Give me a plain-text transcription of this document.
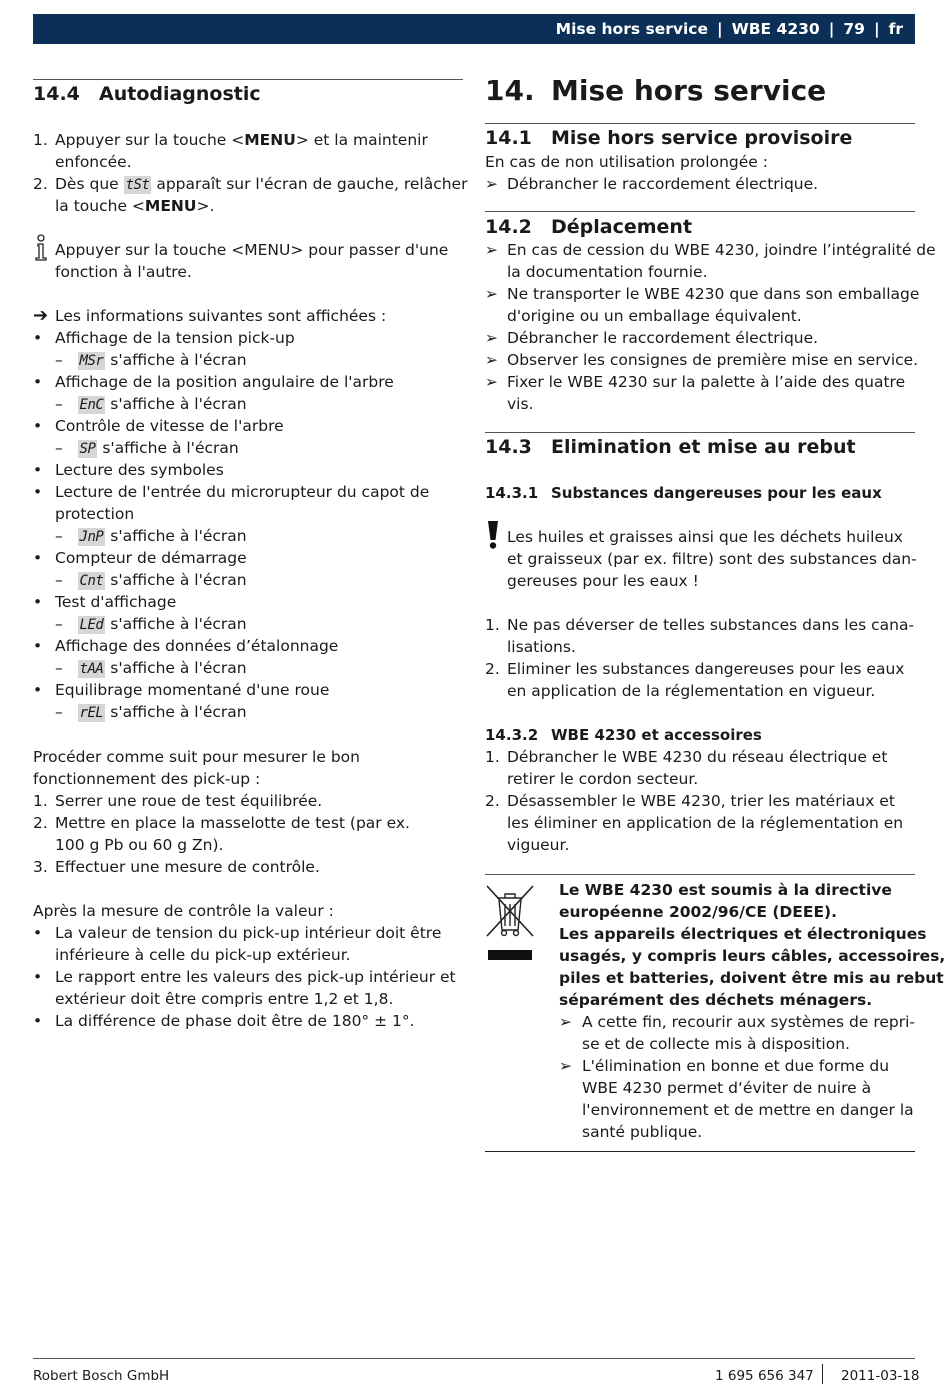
Mise hors service | WBE 4230 | 79 | fr
14.4	Autodiagnostic
1. Appuyer sur la touche <MENU> et la maintenir
enfoncée.
2. Dès que tSt apparaît sur l'écran de gauche, relâcher
la touche <MENU>.
Appuyer sur la touche <MENU> pour passer d'une
fonction à l'autre.
➔ Les informations suivantes sont affichées :
• Affichage de la tension pick-up
– MSr s'affiche à l'écran
• Affichage de la position angulaire de l'arbre
– EnC s'affiche à l'écran
• Contrôle de vitesse de l'arbre
– SP s'affiche à l'écran
• Lecture des symboles
• Lecture de l'entrée du microrupteur du capot de
protection
– JnP s'affiche à l'écran
• Compteur de démarrage
– Cnt s'affiche à l'écran
• Test d'affichage
– LEd s'affiche à l'écran
• Affichage des données d’étalonnage
– tAA s'affiche à l'écran
• Equilibrage momentané d'une roue
– rEL s'affiche à l'écran
Procéder comme suit pour mesurer le bon
fonctionnement des pick-up :
1. Serrer une roue de test équilibrée.
2. Mettre en place la masselotte de test (par ex.
100 g Pb ou 60 g Zn).
3. Effectuer une mesure de contrôle.
Après la mesure de contrôle la valeur :
• La valeur de tension du pick-up intérieur doit être
inférieure à celle du pick-up extérieur.
• Le rapport entre les valeurs des pick-up intérieur et
extérieur doit être compris entre 1,2 et 1,8.
• La différence de phase doit être de 180° ± 1°.
14. Mise hors service
14.1	Mise hors service provisoire
En cas de non utilisation prolongée :
➢ Débrancher le raccordement électrique.
14.2	Déplacement
➢ En cas de cession du WBE 4230, joindre l’intégralité de
la documentation fournie.
➢ Ne transporter le WBE 4230 que dans son emballage
d'origine ou un emballage équivalent.
➢ Débrancher le raccordement électrique.
➢ Observer les consignes de première mise en service.
➢ Fixer le WBE 4230 sur la palette à l’aide des quatre
vis.
14.3	Elimination et mise au rebut
14.3.1 Substances dangereuses pour les eaux
Les huiles et graisses ainsi que les déchets huileux
et graisseux (par ex. filtre) sont des substances dan-
gereuses pour les eaux !
1. Ne pas déverser de telles substances dans les cana-
lisations.
2. Eliminer les substances dangereuses pour les eaux
en application de la réglementation en vigueur.
14.3.2 WBE 4230 et accessoires
1. Débrancher le WBE 4230 du réseau électrique et
retirer le cordon secteur.
2. Désassembler le WBE 4230, trier les matériaux et
les éliminer en application de la réglementation en
vigueur.
Le WBE 4230 est soumis à la directive
européenne 2002/96/CE (DEEE).
Les appareils électriques et électroniques
usagés, y compris leurs câbles, accessoires,
piles et batteries, doivent être mis au rebut
séparément des déchets ménagers.
➢ A cette fin, recourir aux systèmes de repri-
se et de collecte mis à disposition.
➢ L'élimination en bonne et due forme du
WBE 4230 permet d‘éviter de nuire à
l'environnement et de mettre en danger la
santé publique.
Robert Bosch GmbH	1 695 656 347 2011-03-18
